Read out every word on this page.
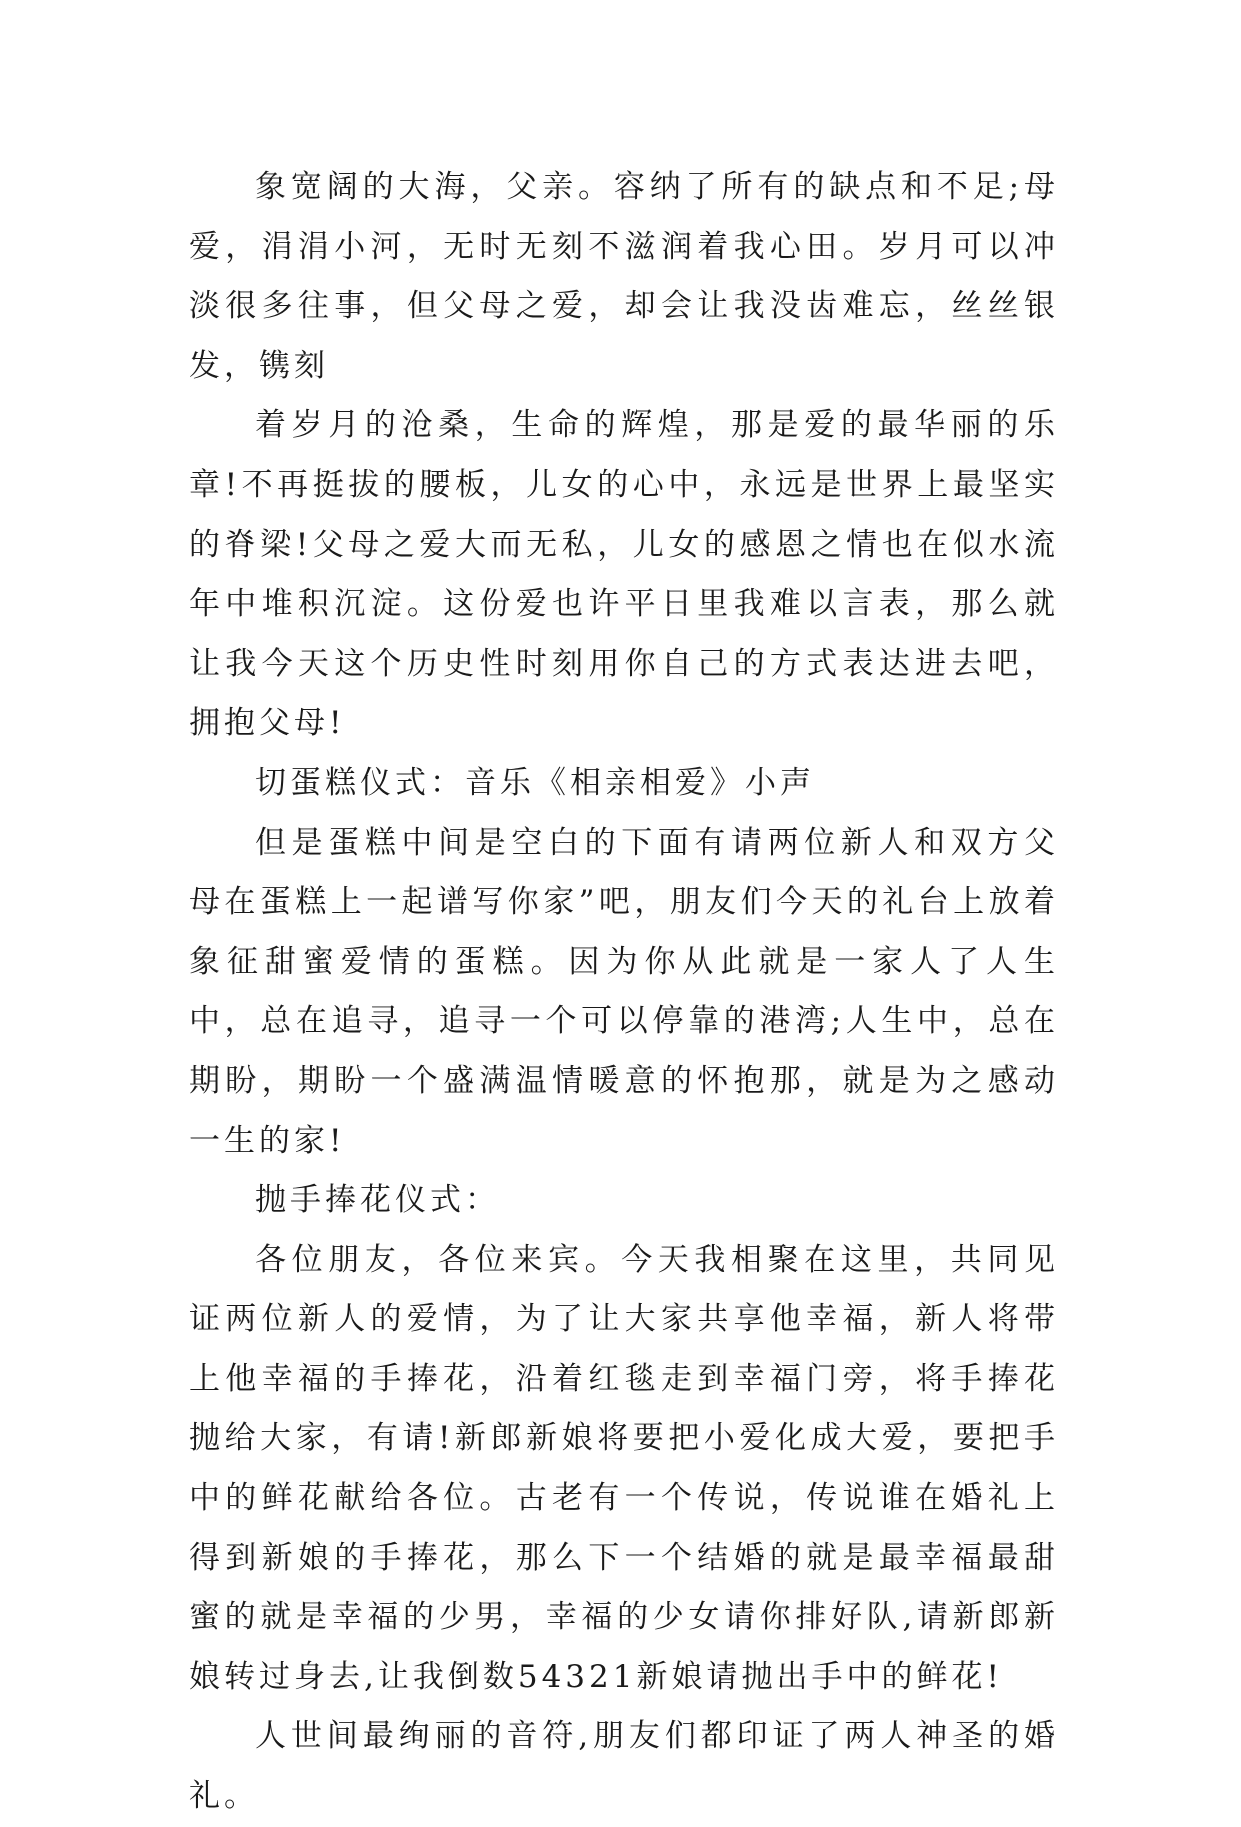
象宽阔的大海，父亲。容纳了所有的缺点和不足;母爱，涓涓小河，无时无刻不滋润着我心田。岁月可以冲淡很多往事，但父母之爱，却会让我没齿难忘，丝丝银发，镌刻

着岁月的沧桑，生命的辉煌，那是爱的最华丽的乐章!不再挺拔的腰板，儿女的心中，永远是世界上最坚实的脊梁!父母之爱大而无私，儿女的感恩之情也在似水流年中堆积沉淀。这份爱也许平日里我难以言表，那么就让我今天这个历史性时刻用你自己的方式表达进去吧，拥抱父母!

切蛋糕仪式：音乐《相亲相爱》小声

但是蛋糕中间是空白的下面有请两位新人和双方父母在蛋糕上一起谱写你家”吧，朋友们今天的礼台上放着象征甜蜜爱情的蛋糕。因为你从此就是一家人了人生中，总在追寻，追寻一个可以停靠的港湾;人生中，总在期盼，期盼一个盛满温情暖意的怀抱那，就是为之感动一生的家!

抛手捧花仪式：

各位朋友，各位来宾。今天我相聚在这里，共同见证两位新人的爱情，为了让大家共享他幸福，新人将带上他幸福的手捧花，沿着红毯走到幸福门旁，将手捧花抛给大家，有请!新郎新娘将要把小爱化成大爱，要把手中的鲜花献给各位。古老有一个传说，传说谁在婚礼上得到新娘的手捧花，那么下一个结婚的就是最幸福最甜蜜的就是幸福的少男，幸福的少女请你排好队,请新郎新娘转过身去,让我倒数54321新娘请抛出手中的鲜花!

人世间最绚丽的音符,朋友们都印证了两人神圣的婚礼。
